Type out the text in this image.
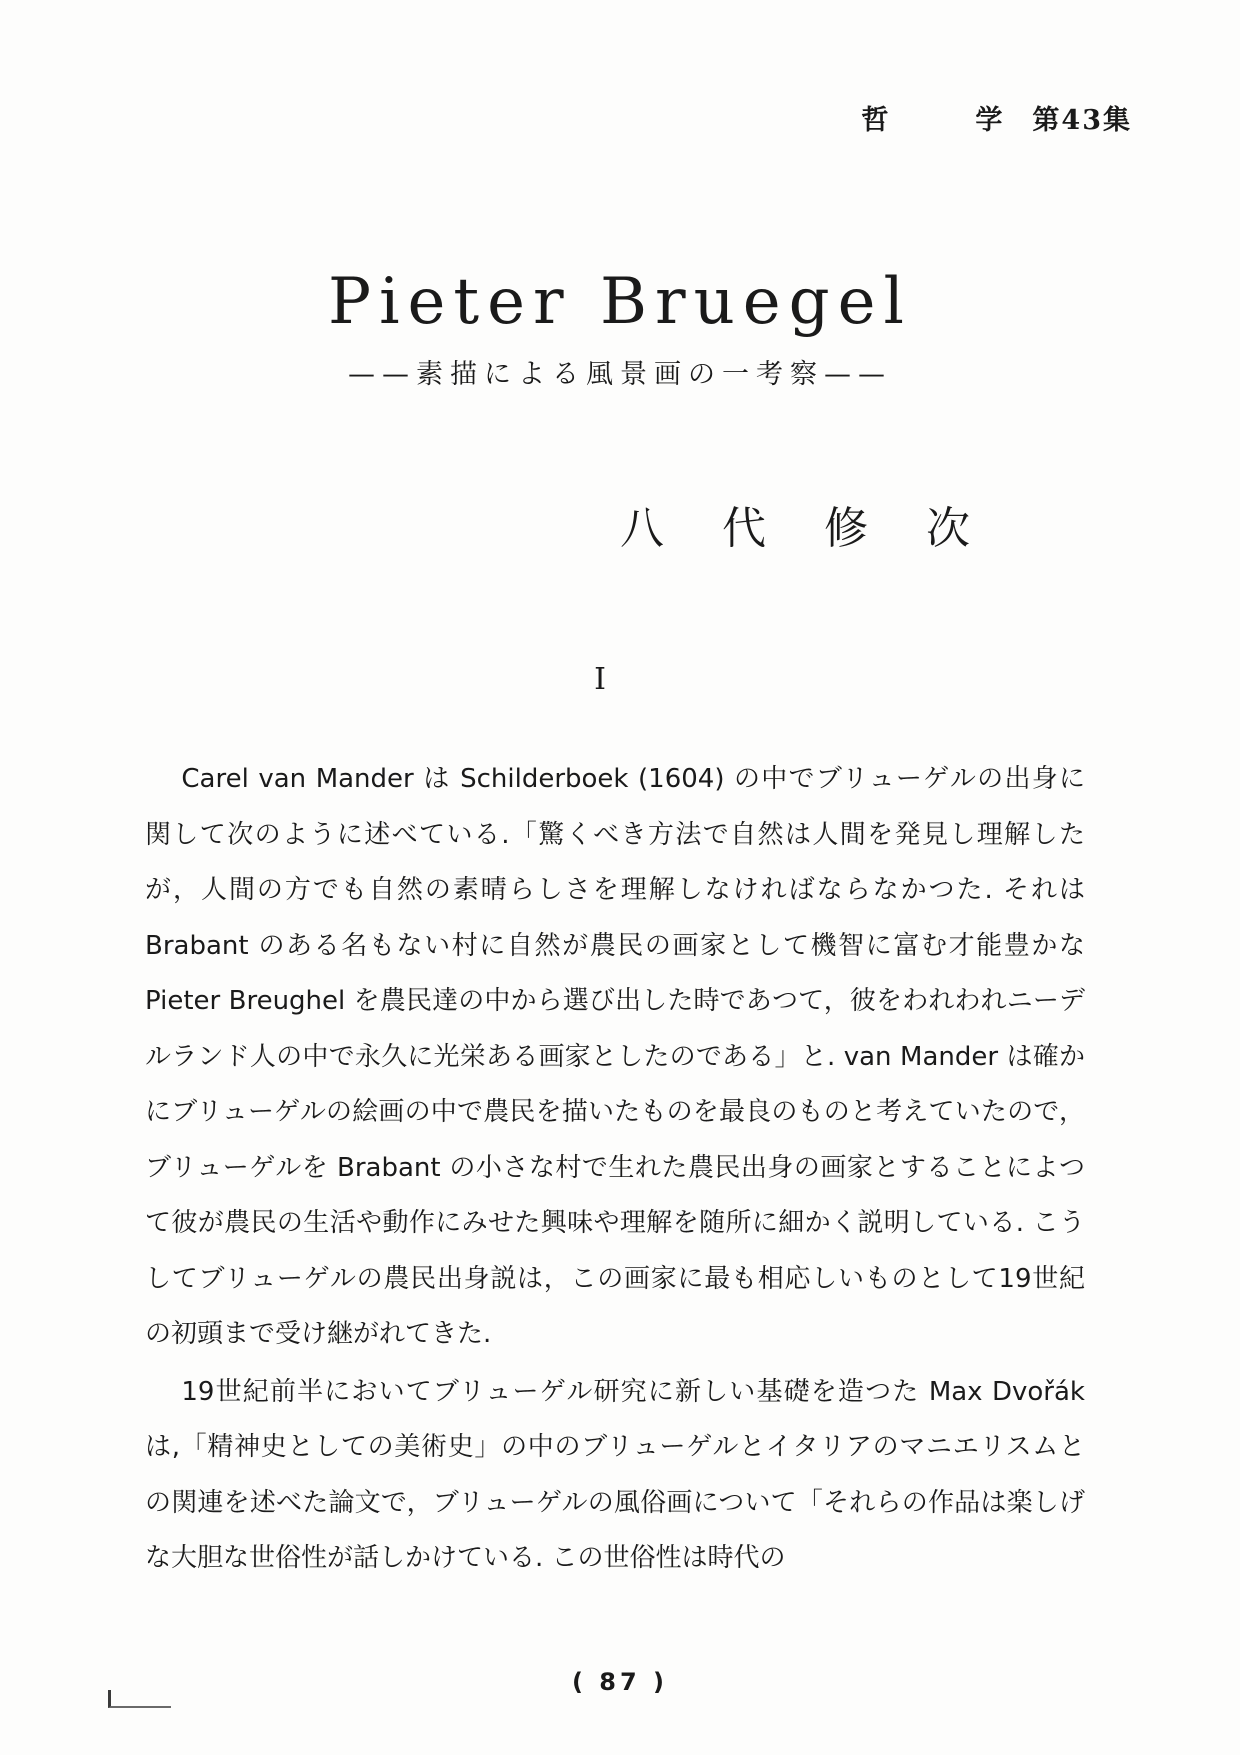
哲　学第43集
Pieter Bruegel
——素描による風景画の一考察——
八代修次
I

Carel van Mander は Schilderboek (1604) の中でブリューゲルの出身に関して次のように述べている.「驚くべき方法で自然は人間を発見し理解したが，人間の方でも自然の素晴らしさを理解しなければならなかつた. それは Brabant のある名もない村に自然が農民の画家として機智に富む才能豊かな Pieter Breughel を農民達の中から選び出した時であつて，彼をわれわれニーデルランド人の中で永久に光栄ある画家としたのである」と. van Mander は確かにブリューゲルの絵画の中で農民を描いたものを最良のものと考えていたので，ブリューゲルを Brabant の小さな村で生れた農民出身の画家とすることによつて彼が農民の生活や動作にみせた興味や理解を随所に細かく説明している. こうしてブリューゲルの農民出身説は，この画家に最も相応しいものとして19世紀の初頭まで受け継がれてきた.

19世紀前半においてブリューゲル研究に新しい基礎を造つた Max Dvořák は,「精神史としての美術史」の中のブリューゲルとイタリアのマニエリスムとの関連を述べた論文で，ブリューゲルの風俗画について「それらの作品は楽しげな大胆な世俗性が話しかけている. この世俗性は時代の

( 87 )
